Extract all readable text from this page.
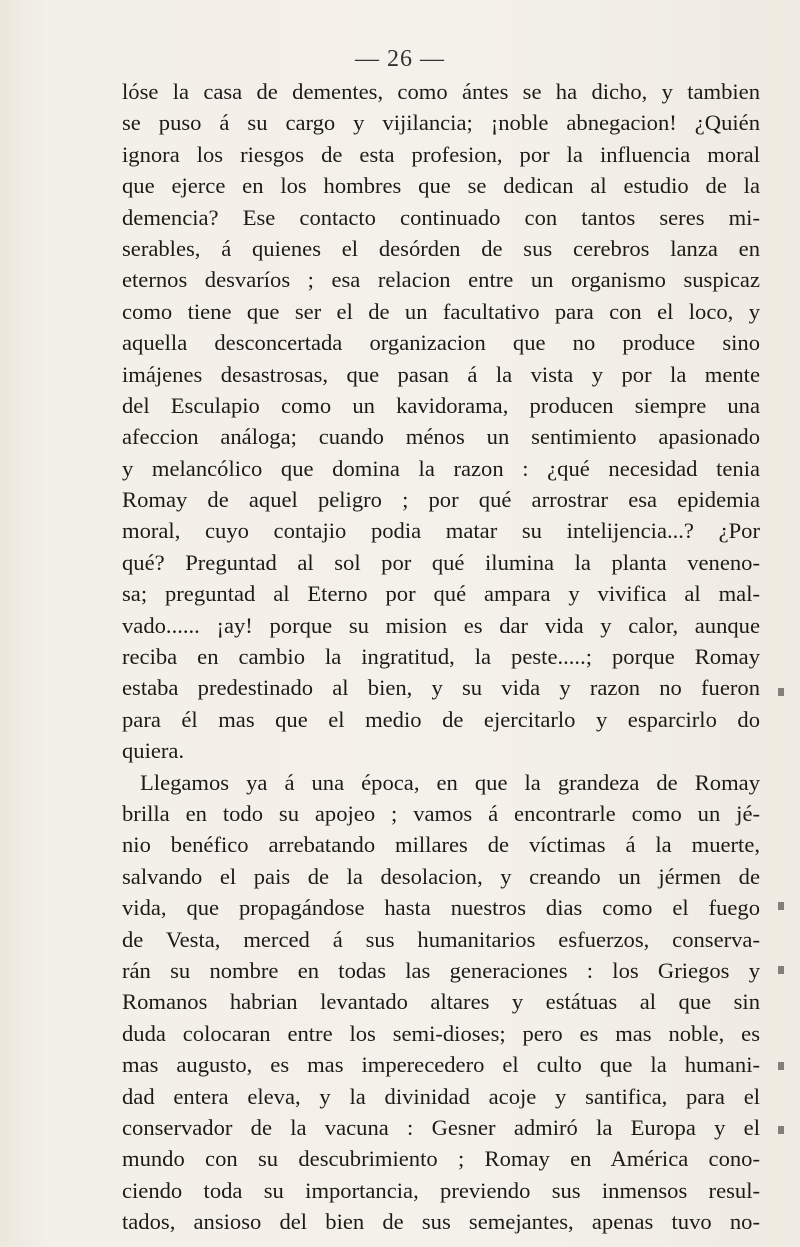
— 26 —
lóse la casa de dementes, como ántes se ha dicho, y tambien
se puso á su cargo y vijilancia; ¡noble abnegacion! ¿Quién
ignora los riesgos de esta profesion, por la influencia moral
que ejerce en los hombres que se dedican al estudio de la
demencia? Ese contacto continuado con tantos seres mi-
serables, á quienes el desórden de sus cerebros lanza en
eternos desvaríos ; esa relacion entre un organismo suspicaz
como tiene que ser el de un facultativo para con el loco, y
aquella desconcertada organizacion que no produce sino
imájenes desastrosas, que pasan á la vista y por la mente
del Esculapio como un kavidorama, producen siempre una
afeccion análoga; cuando ménos un sentimiento apasionado
y melancólico que domina la razon : ¿qué necesidad tenia
Romay de aquel peligro ; por qué arrostrar esa epidemia
moral, cuyo contajio podia matar su intelijencia...? ¿Por
qué? Preguntad al sol por qué ilumina la planta veneno-
sa; preguntad al Eterno por qué ampara y vivifica al mal-
vado...... ¡ay! porque su mision es dar vida y calor, aunque
reciba en cambio la ingratitud, la peste.....; porque Romay
estaba predestinado al bien, y su vida y razon no fueron
para él mas que el medio de ejercitarlo y esparcirlo do
quiera.
Llegamos ya á una época, en que la grandeza de Romay
brilla en todo su apojeo ; vamos á encontrarle como un jé-
nio benéfico arrebatando millares de víctimas á la muerte,
salvando el pais de la desolacion, y creando un jérmen de
vida, que propagándose hasta nuestros dias como el fuego
de Vesta, merced á sus humanitarios esfuerzos, conserva-
rán su nombre en todas las generaciones : los Griegos y
Romanos habrian levantado altares y estátuas al que sin
duda colocaran entre los semi-dioses; pero es mas noble, es
mas augusto, es mas imperecedero el culto que la humani-
dad entera eleva, y la divinidad acoje y santifica, para el
conservador de la vacuna : Gesner admiró la Europa y el
mundo con su descubrimiento ; Romay en América cono-
ciendo toda su importancia, previendo sus inmensos resul-
tados, ansioso del bien de sus semejantes, apenas tuvo no-
